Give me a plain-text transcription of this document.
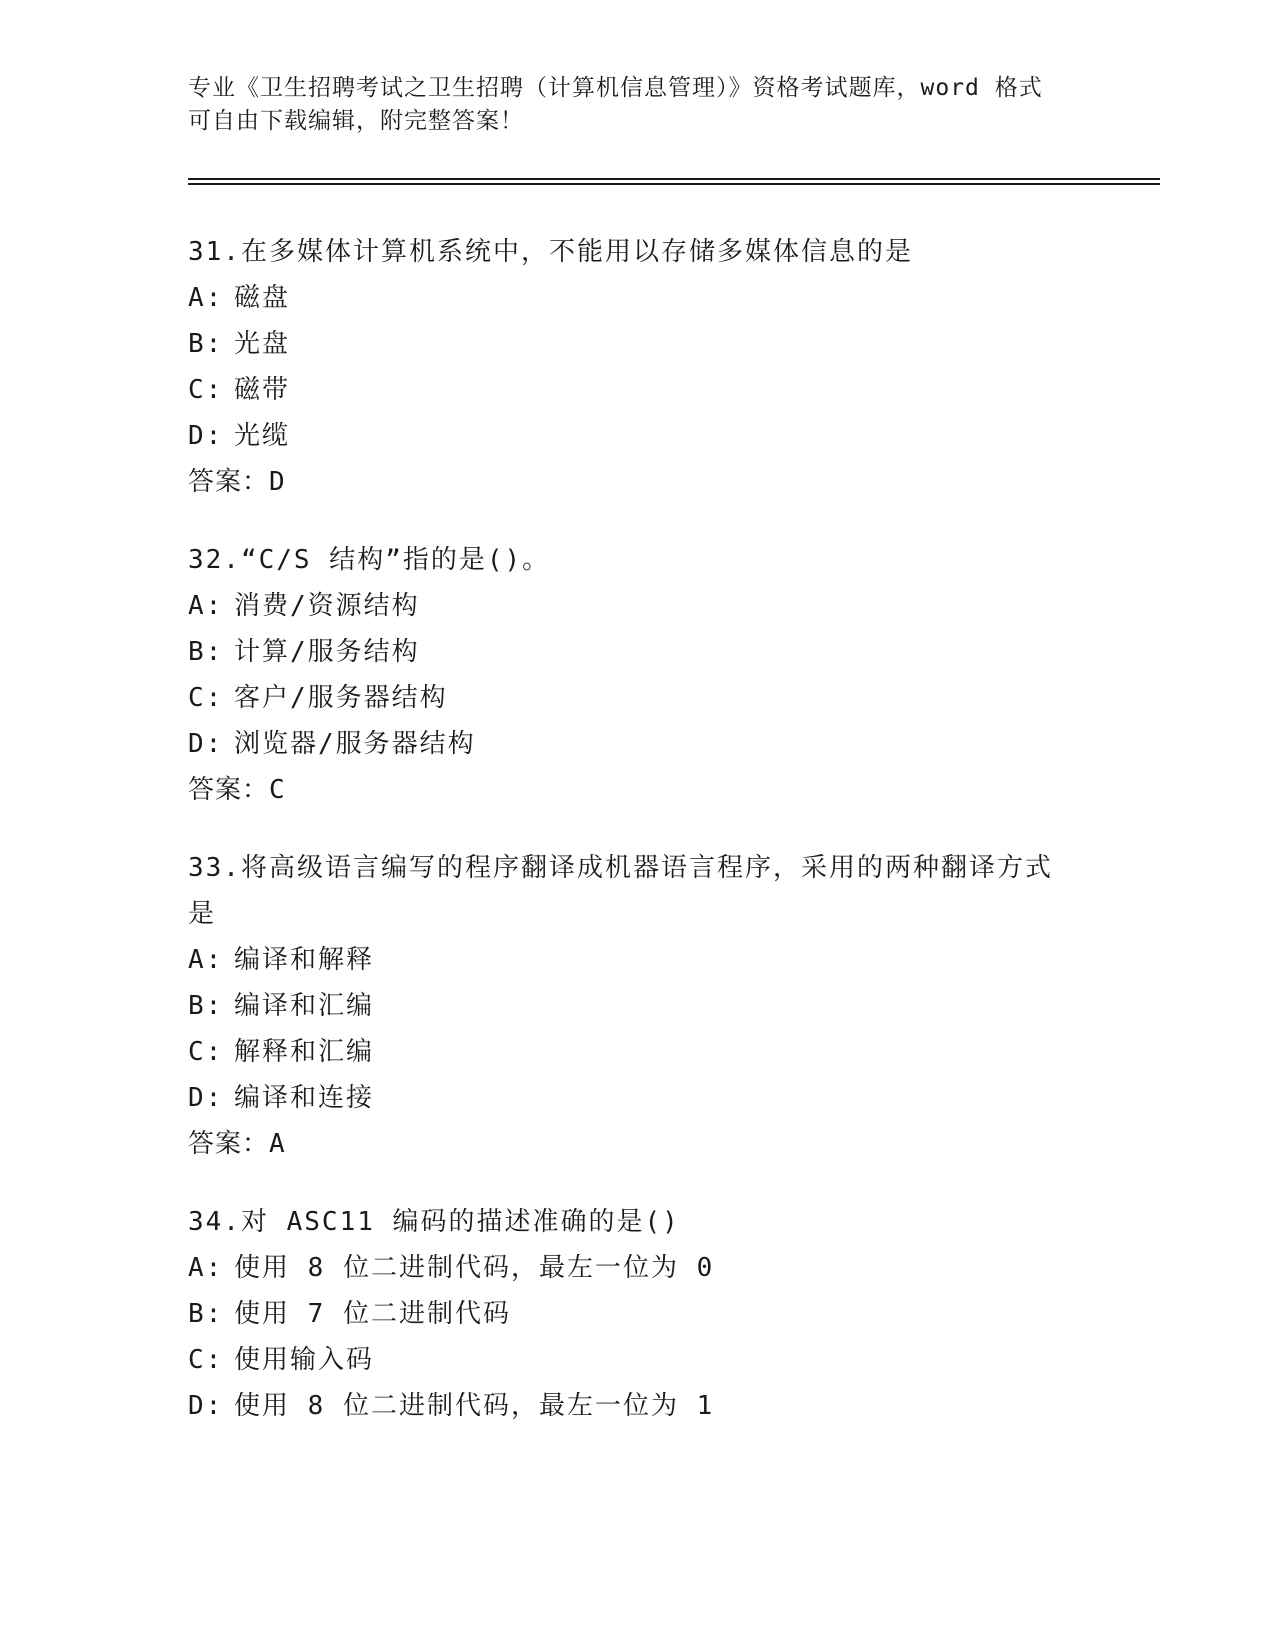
专业《卫生招聘考试之卫生招聘（计算机信息管理）》资格考试题库，word 格式
可自由下载编辑，附完整答案！
31.在多媒体计算机系统中，不能用以存储多媒体信息的是
A: 磁盘
B: 光盘
C: 磁带
D: 光缆
答案：D
32.“C/S 结构”指的是()。
A: 消费/资源结构
B: 计算/服务结构
C: 客户/服务器结构
D: 浏览器/服务器结构
答案：C
33.将高级语言编写的程序翻译成机器语言程序，采用的两种翻译方式
是
A: 编译和解释
B: 编译和汇编
C: 解释和汇编
D: 编译和连接
答案：A
34.对 ASC11 编码的描述准确的是()
A: 使用 8 位二进制代码，最左一位为 0
B: 使用 7 位二进制代码
C: 使用输入码
D: 使用 8 位二进制代码，最左一位为 1
